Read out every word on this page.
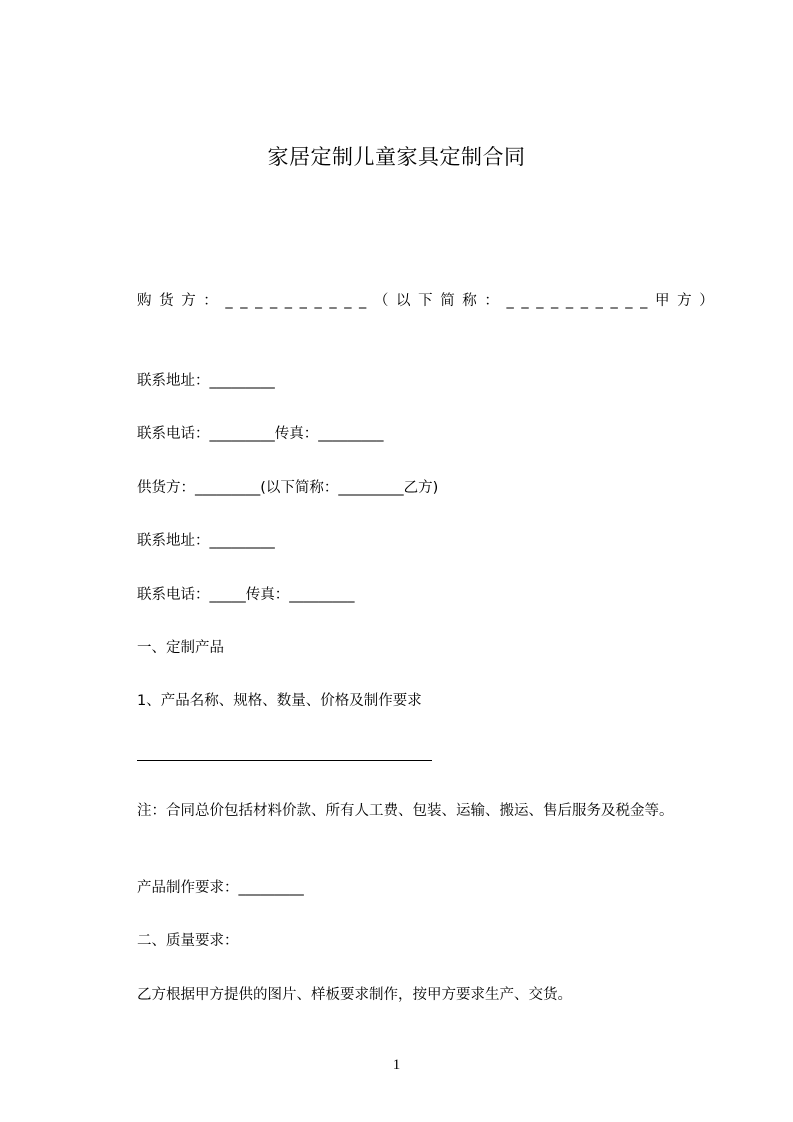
家居定制儿童家具定制合同
购货方：__________（以下简称：__________甲方）
联系地址：_________
联系电话：_________传真：_________
供货方：_________(以下简称：_________乙方)
联系地址：_________
联系电话：_____传真：_________
一、定制产品
1、产品名称、规格、数量、价格及制作要求
注：合同总价包括材料价款、所有人工费、包装、运输、搬运、售后服务及税金等。
产品制作要求：_________
二、质量要求：
乙方根据甲方提供的图片、样板要求制作，按甲方要求生产、交货。
1
